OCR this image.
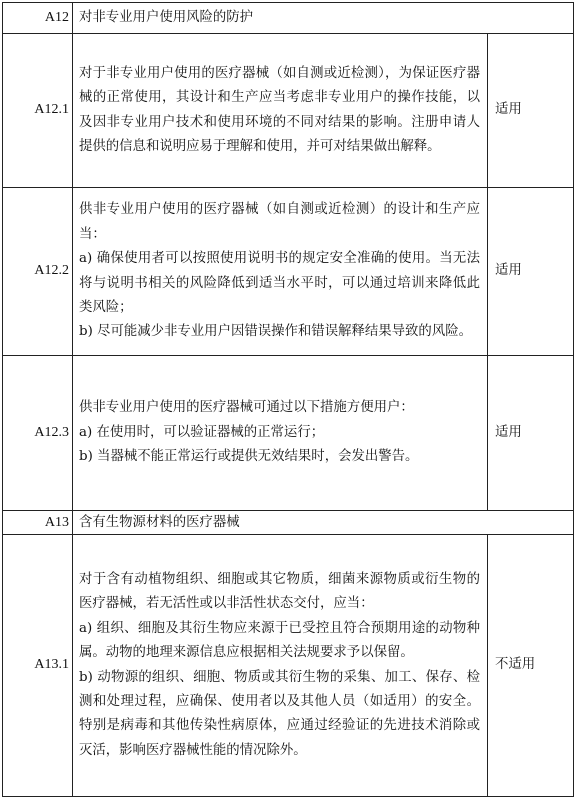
A12	对非专业用户使用风险的防护	
A12.1	对于非专业用户使用的医疗器械（如自测或近检测），为保证医疗器械的正常使用，其设计和生产应当考虑非专业用户的操作技能，以及因非专业用户技术和使用环境的不同对结果的影响。注册申请人提供的信息和说明应易于理解和使用，并可对结果做出解释。	适用
A12.2	供非专业用户使用的医疗器械（如自测或近检测）的设计和生产应当：
a) 确保使用者可以按照使用说明书的规定安全准确的使用。当无法将与说明书相关的风险降低到适当水平时，可以通过培训来降低此类风险；
b) 尽可能减少非专业用户因错误操作和错误解释结果导致的风险。	适用
A12.3	供非专业用户使用的医疗器械可通过以下措施方便用户：
a) 在使用时，可以验证器械的正常运行；
b) 当器械不能正常运行或提供无效结果时，会发出警告。	适用
A13	含有生物源材料的医疗器械	
A13.1	对于含有动植物组织、细胞或其它物质，细菌来源物质或衍生物的医疗器械，若无活性或以非活性状态交付，应当：
a) 组织、细胞及其衍生物应来源于已受控且符合预期用途的动物种属。动物的地理来源信息应根据相关法规要求予以保留。
b) 动物源的组织、细胞、物质或其衍生物的采集、加工、保存、检测和处理过程，应确保、使用者以及其他人员（如适用）的安全。特别是病毒和其他传染性病原体，应通过经验证的先进技术消除或灭活，影响医疗器械性能的情况除外。	不适用
